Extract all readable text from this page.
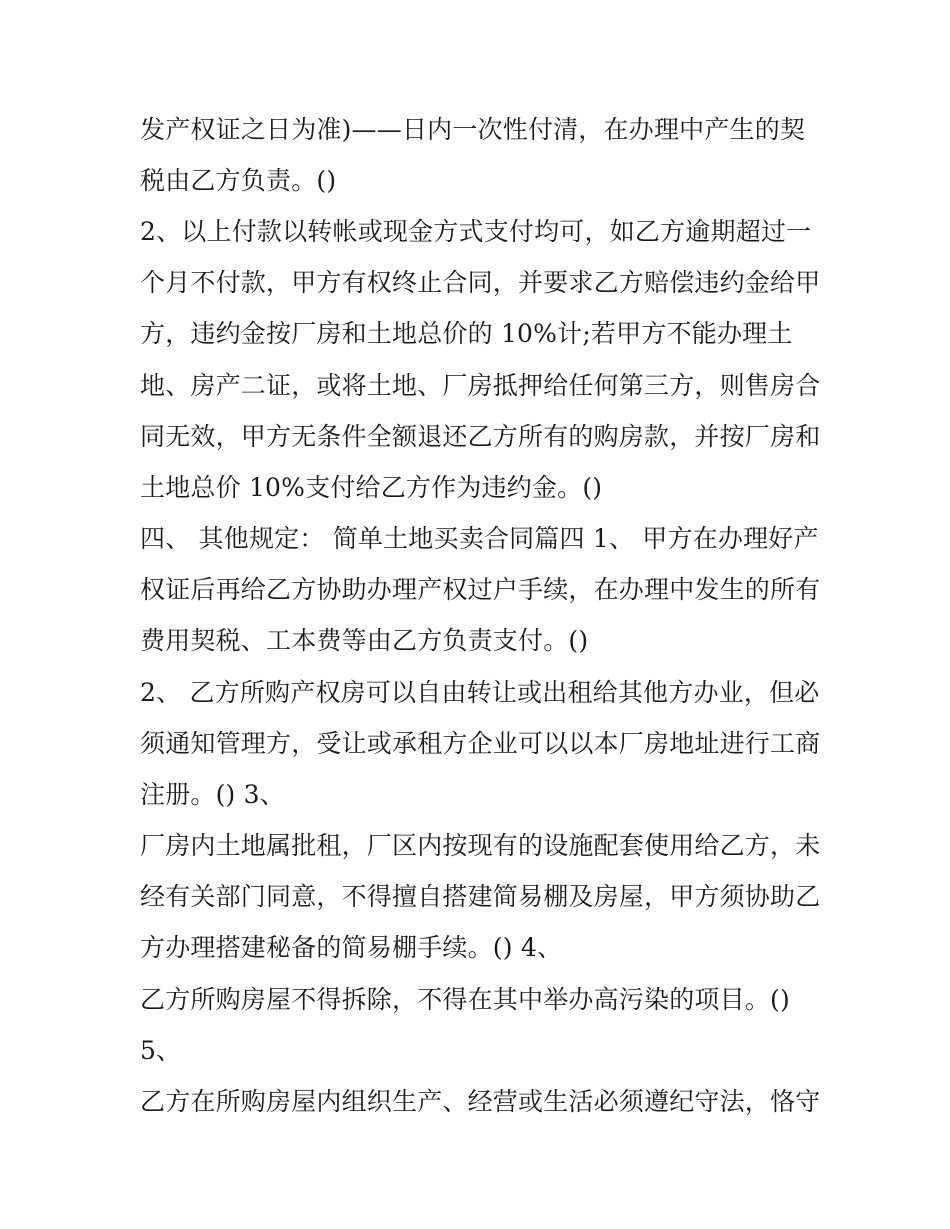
发产权证之日为准)——日内一次性付清，在办理中产生的契
税由乙方负责。()
2、以上付款以转帐或现金方式支付均可，如乙方逾期超过一
个月不付款，甲方有权终止合同，并要求乙方赔偿违约金给甲
方，违约金按厂房和土地总价的 10%计;若甲方不能办理土
地、房产二证，或将土地、厂房抵押给任何第三方，则售房合
同无效，甲方无条件全额退还乙方所有的购房款，并按厂房和
土地总价 10%支付给乙方作为违约金。()
四、 其他规定： 简单土地买卖合同篇四 1、 甲方在办理好产
权证后再给乙方协助办理产权过户手续，在办理中发生的所有
费用契税、工本费等由乙方负责支付。()
2、 乙方所购产权房可以自由转让或出租给其他方办业，但必
须通知管理方，受让或承租方企业可以以本厂房地址进行工商
注册。() 3、
厂房内土地属批租，厂区内按现有的设施配套使用给乙方，未
经有关部门同意，不得擅自搭建简易棚及房屋，甲方须协助乙
方办理搭建秘备的简易棚手续。() 4、
乙方所购房屋不得拆除，不得在其中举办高污染的项目。()
5、
乙方在所购房屋内组织生产、经营或生活必须遵纪守法，恪守
